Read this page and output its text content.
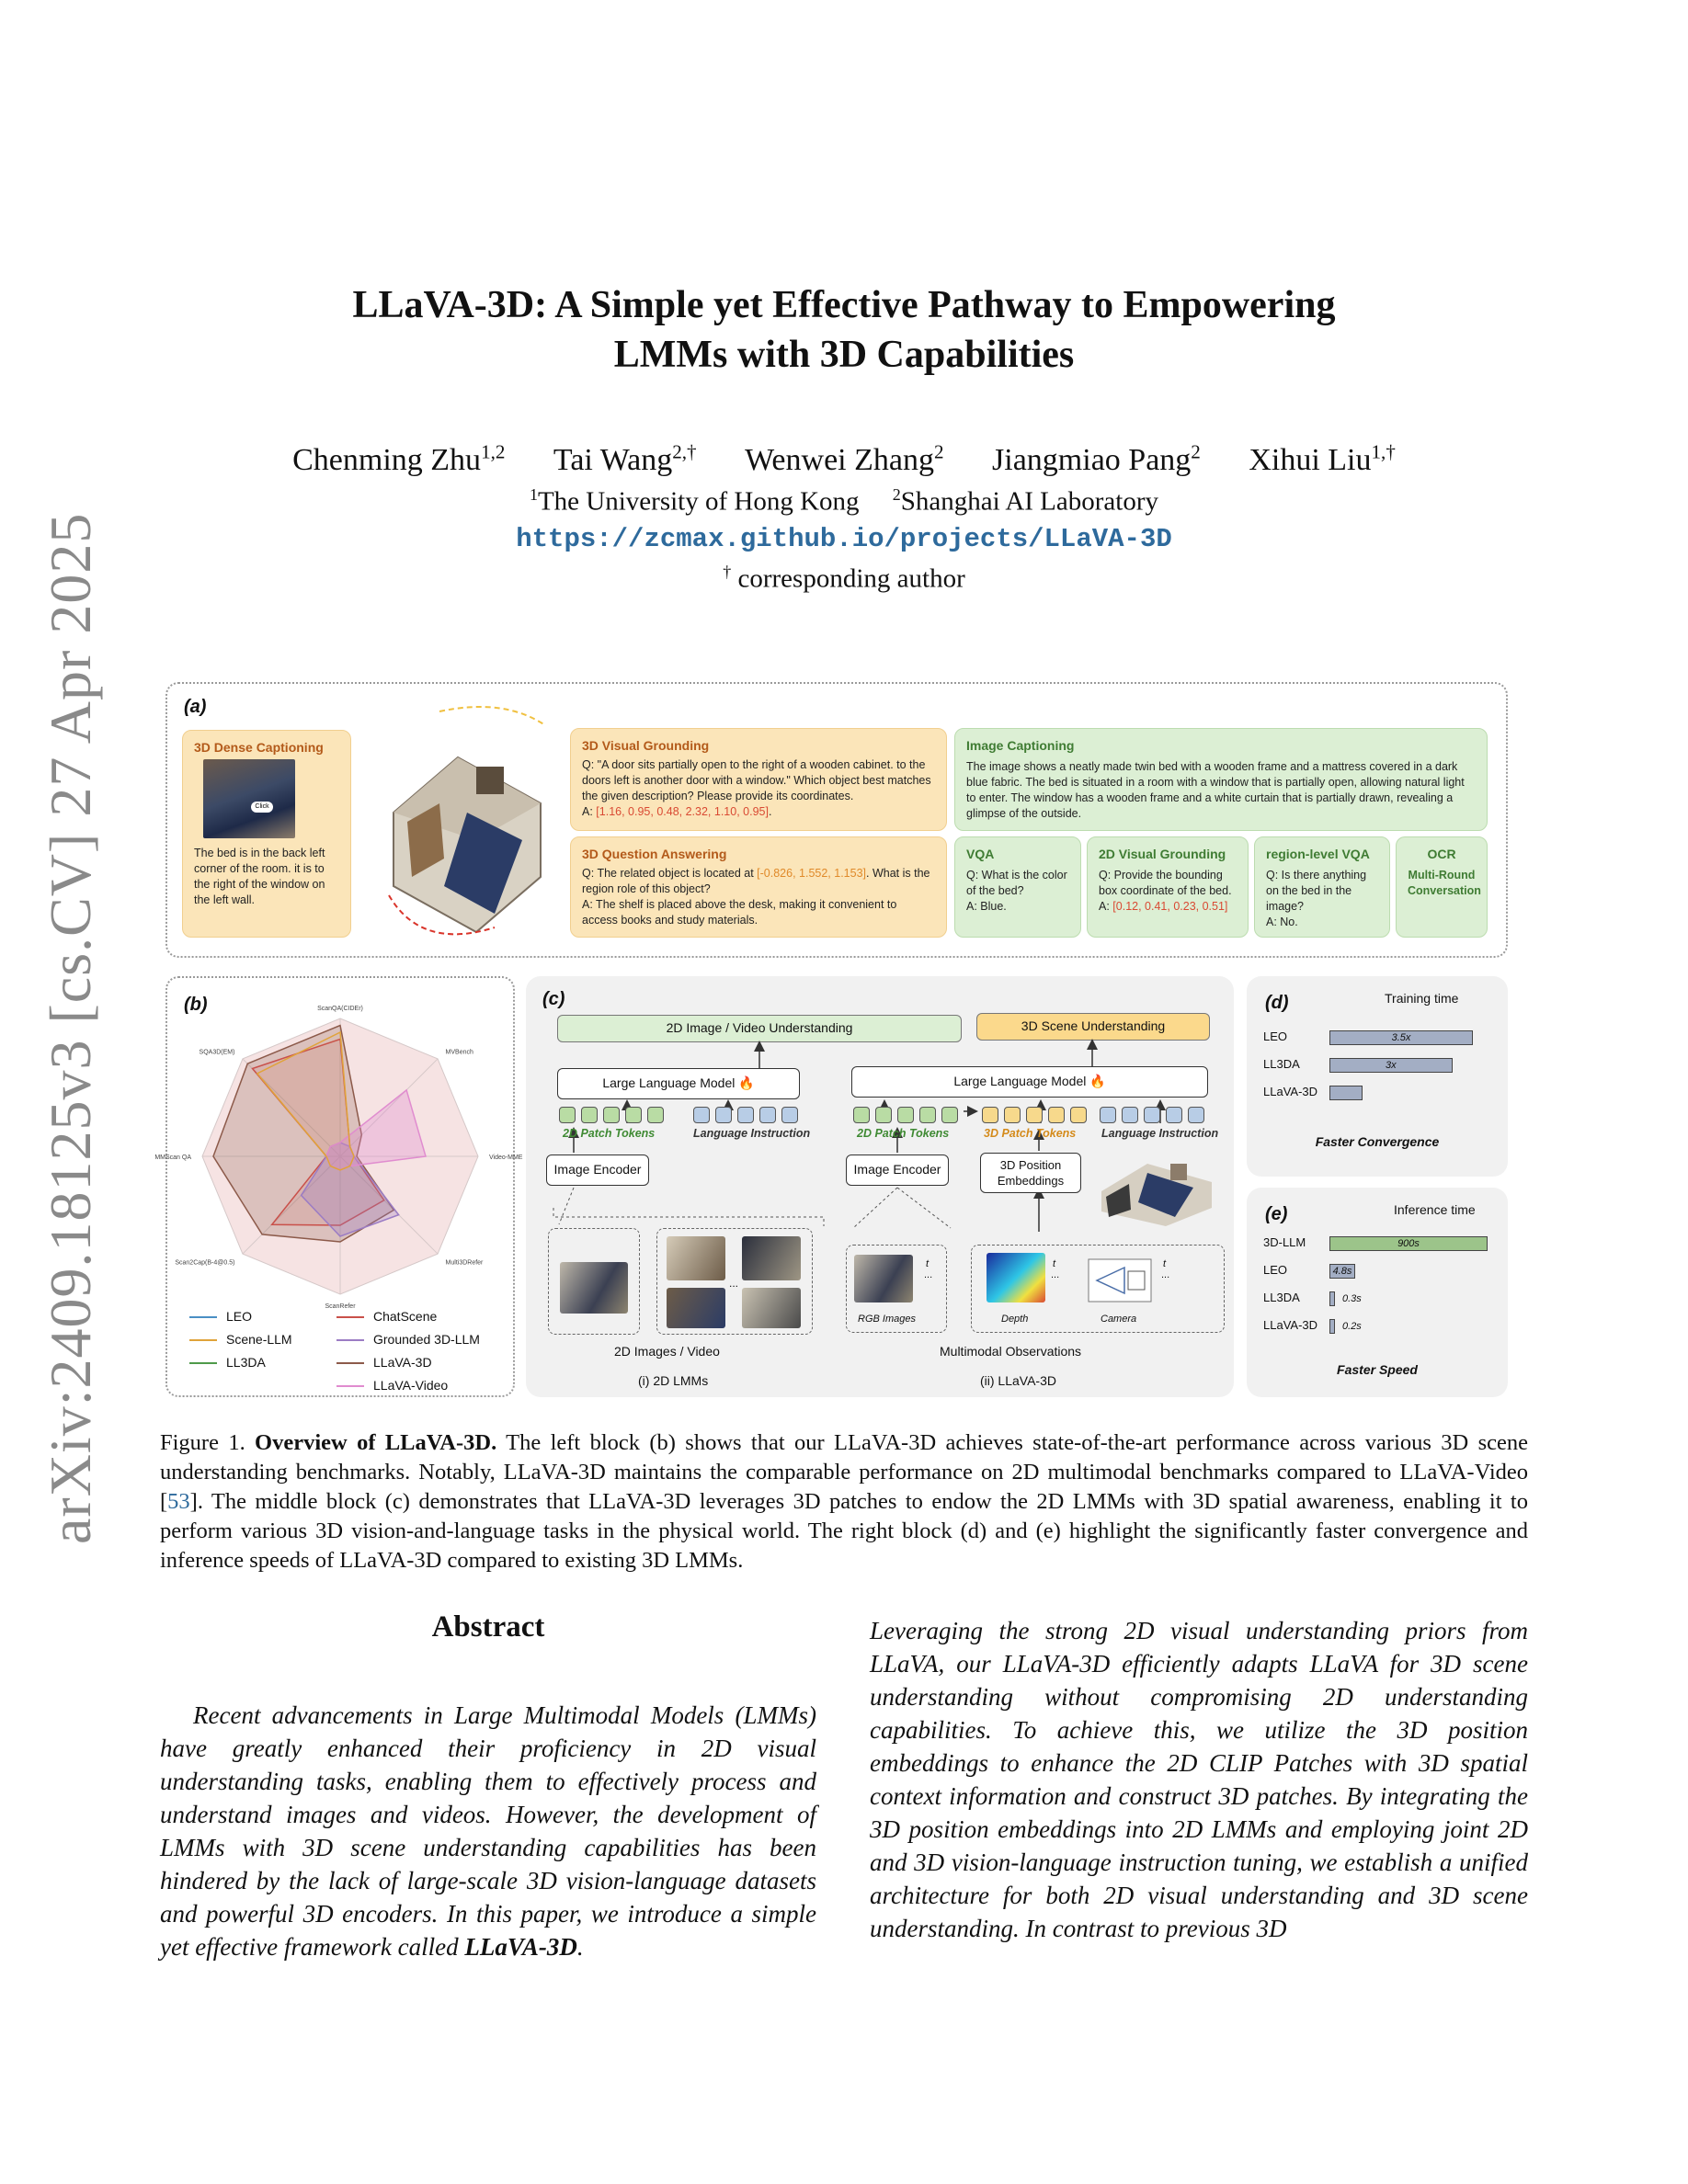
arXiv:2409.18125v3 [cs.CV] 27 Apr 2025
LLaVA-3D: A Simple yet Effective Pathway to Empowering
LMMs with 3D Capabilities
Chenming Zhu$^{1,2}$ Tai Wang$^{2,\dagger}$ Wenwei Zhang$^2$ Jiangmiao Pang$^2$ Xihui Liu$^{1,\dagger}$
$^1$The University of Hong Kong $^2$Shanghai AI Laboratory
https://zcmax.github.io/projects/LLaVA-3D
† corresponding author
(a)
3D Dense Captioning
Click
The bed is in the back left corner of the room. it is to the right of the window on the left wall.
3D Visual Grounding
Q: "A door sits partially open to the right of a wooden cabinet. to the doors left is another door with a window." Which object best matches the given description? Please provide its coordinates.
A: [1.16, 0.95, 0.48, 2.32, 1.10, 0.95].
3D Question Answering
Q: The related object is located at [-0.826, 1.552, 1.153]. What is the region role of this object?
A: The shelf is placed above the desk, making it convenient to access books and study materials.
Image Captioning
The image shows a neatly made twin bed with a wooden frame and a mattress covered in a dark blue fabric. The bed is situated in a room with a window that is partially open, allowing natural light to enter. The window has a wooden frame and a white curtain that is partially drawn, revealing a glimpse of the outside.
VQA
Q: What is the color of the bed?
A: Blue.
2D Visual Grounding
Q: Provide the bounding box coordinate of the bed.
A: [0.12, 0.41, 0.23, 0.51]
region-level VQA
Q: Is there anything on the bed in the image?
A: No.
OCR
Multi-Round Conversation
(b)	ScanQA(CIDEr)
MVBench
Video-MME
Multi3DRefer
ScanRefer
Scan2Cap(B-4@0.5)
MMScan QA
SQA3D(EM)
LEO
Scene-LLM
LL3DA
ChatScene
Grounded 3D-LLM
LLaVA-3D
LLaVA-Video
(c)
2D Image / Video Understanding	3D Scene Understanding
Large Language Model 🔥	Large Language Model 🔥
2D Patch Tokens	Language Instruction	2D Patch Tokens	3D Patch Tokens Language Instruction
Image Encoder	Image Encoder	3D Position Embeddings
...
t
...
RGB Images
t
...
Depth
t
...
Camera
2D Images / Video	Multimodal Observations
(i) 2D LMMs	(ii) LLaVA-3D
(d)	Training time
LEO	3.5x
LL3DA	3x
LLaVA-3D
Faster Convergence
(e)	Inference time
3D-LLM	900s
LEO	4.8s
LL3DA	0.3s
LLaVA-3D 0.2s
Faster Speed
Figure 1. Overview of LLaVA-3D. The left block (b) shows that our LLaVA-3D achieves state-of-the-art performance across various 3D scene understanding benchmarks. Notably, LLaVA-3D maintains the comparable performance on 2D multimodal benchmarks compared to LLaVA-Video [53]. The middle block (c) demonstrates that LLaVA-3D leverages 3D patches to endow the 2D LMMs with 3D spatial awareness, enabling it to perform various 3D vision-and-language tasks in the physical world. The right block (d) and (e) highlight the significantly faster convergence and inference speeds of LLaVA-3D compared to existing 3D LMMs.
Abstract
Recent advancements in Large Multimodal Models (LMMs) have greatly enhanced their proficiency in 2D visual understanding tasks, enabling them to effectively process and understand images and videos. However, the development of LMMs with 3D scene understanding capabilities has been hindered by the lack of large-scale 3D vision-language datasets and powerful 3D encoders. In this paper, we introduce a simple yet effective framework called LLaVA-3D.
Leveraging the strong 2D visual understanding priors from LLaVA, our LLaVA-3D efficiently adapts LLaVA for 3D scene understanding without compromising 2D understanding capabilities. To achieve this, we utilize the 3D position embeddings to enhance the 2D CLIP Patches with 3D spatial context information and construct 3D patches. By integrating the 3D position embeddings into 2D LMMs and employing joint 2D and 3D vision-language instruction tuning, we establish a unified architecture for both 2D visual understanding and 3D scene understanding. In contrast to previous 3D
